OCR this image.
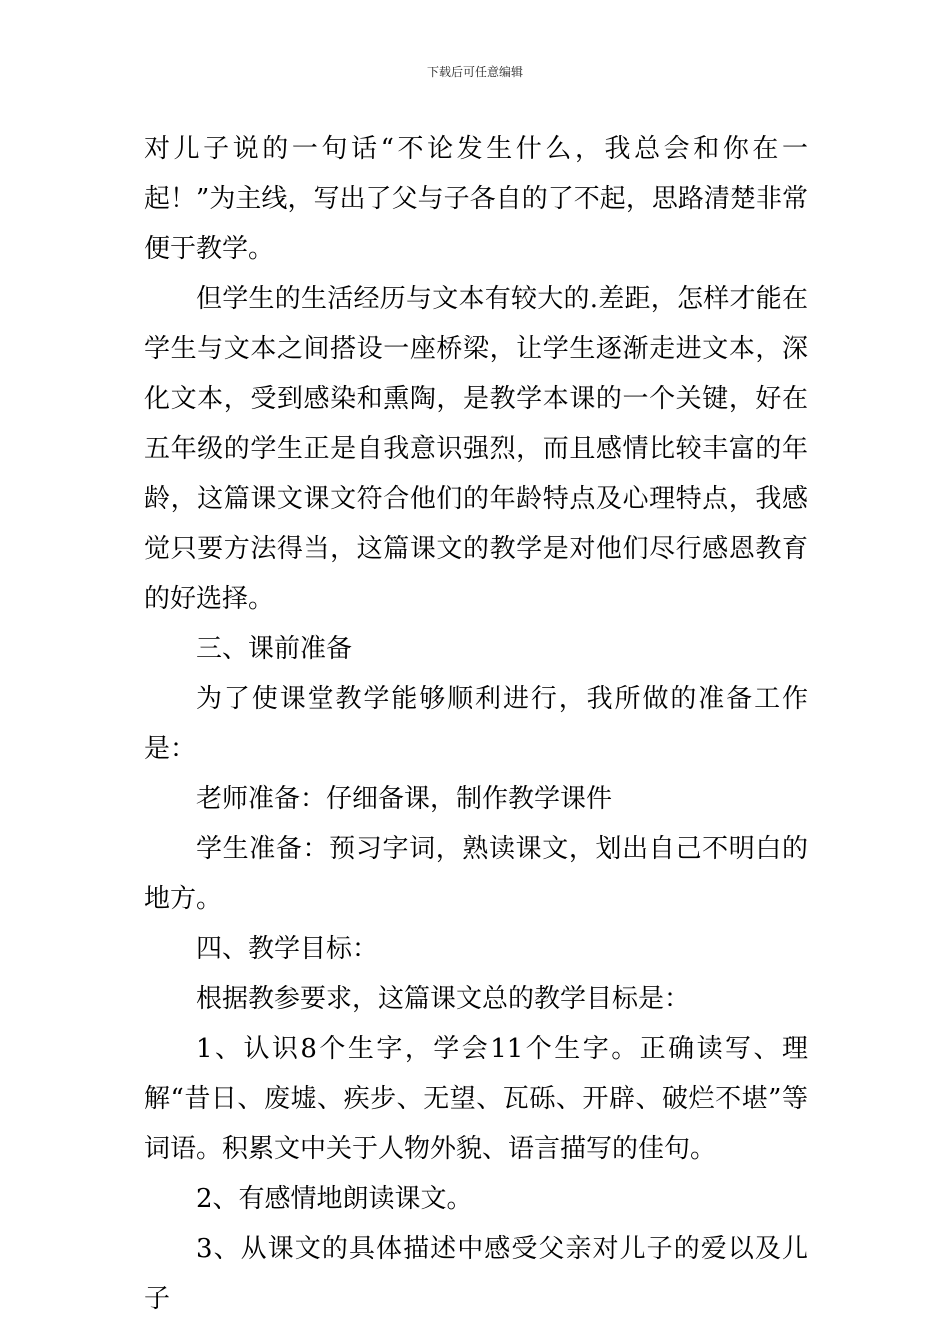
下载后可任意编辑

对儿子说的一句话“不论发生什么，我总会和你在一起！”为主线，写出了父与子各自的了不起，思路清楚非常便于教学。

但学生的生活经历与文本有较大的.差距，怎样才能在学生与文本之间搭设一座桥梁，让学生逐渐走进文本，深化文本，受到感染和熏陶，是教学本课的一个关键，好在五年级的学生正是自我意识强烈，而且感情比较丰富的年龄，这篇课文课文符合他们的年龄特点及心理特点，我感觉只要方法得当，这篇课文的教学是对他们尽行感恩教育的好选择。

三、课前准备

为了使课堂教学能够顺利进行，我所做的准备工作是：

老师准备：仔细备课，制作教学课件

学生准备：预习字词，熟读课文，划出自己不明白的地方。

四、教学目标：

根据教参要求，这篇课文总的教学目标是：

1、认识8个生字，学会11个生字。正确读写、理解“昔日、废墟、疾步、无望、瓦砾、开辟、破烂不堪”等词语。积累文中关于人物外貌、语言描写的佳句。

2、有感情地朗读课文。

3、从课文的具体描述中感受父亲对儿子的爱以及儿子
